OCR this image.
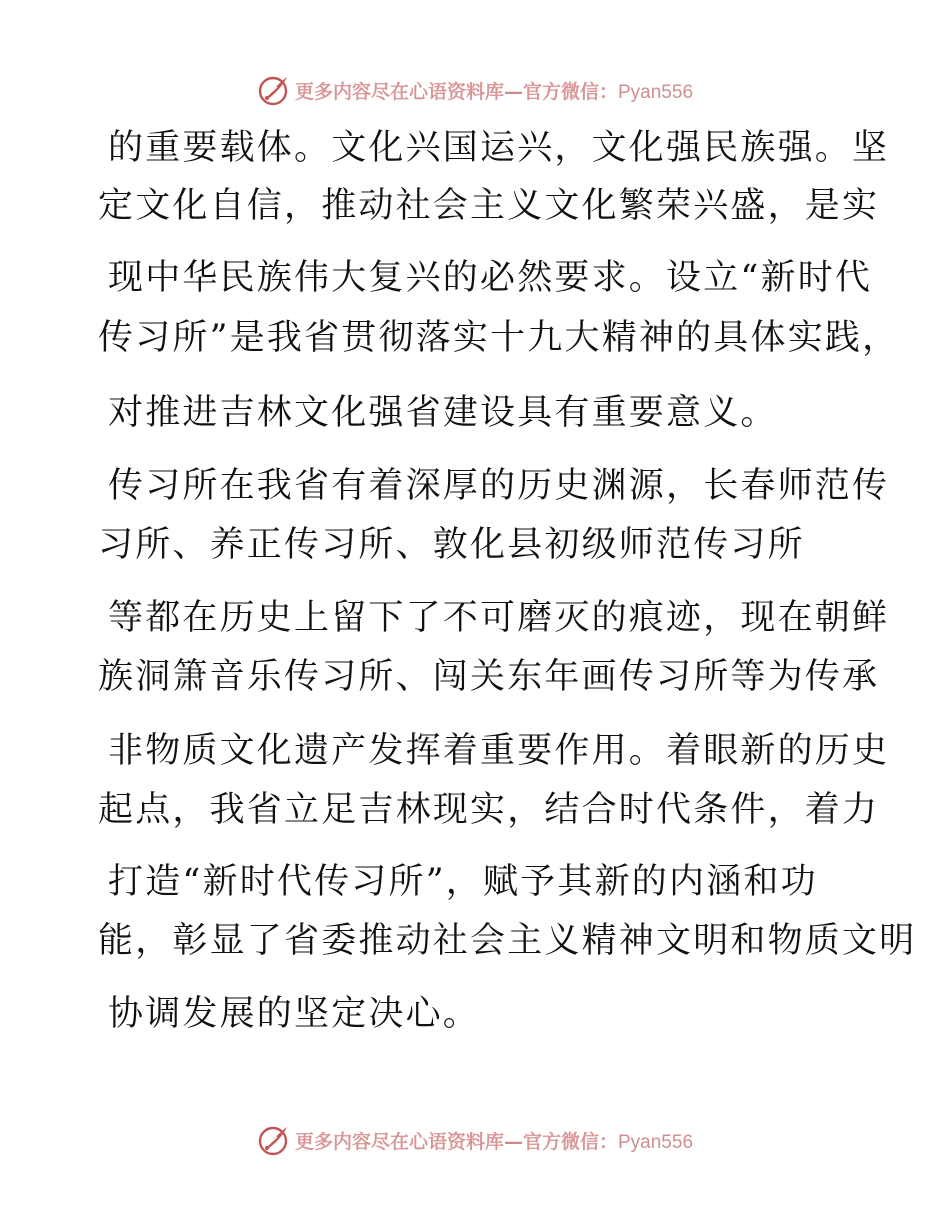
更多内容尽在心语资料库—官方微信：Pyan556
的重要载体。文化兴国运兴，文化强民族强。坚
定文化自信，推动社会主义文化繁荣兴盛，是实
现中华民族伟大复兴的必然要求。设立“新时代
传习所”是我省贯彻落实十九大精神的具体实践，
对推进吉林文化强省建设具有重要意义。
传习所在我省有着深厚的历史渊源，长春师范传
习所、养正传习所、敦化县初级师范传习所
等都在历史上留下了不可磨灭的痕迹，现在朝鲜
族洞箫音乐传习所、闯关东年画传习所等为传承
非物质文化遗产发挥着重要作用。着眼新的历史
起点，我省立足吉林现实，结合时代条件，着力
打造“新时代传习所”，赋予其新的内涵和功
能，彰显了省委推动社会主义精神文明和物质文明
协调发展的坚定决心。
更多内容尽在心语资料库—官方微信：Pyan556
